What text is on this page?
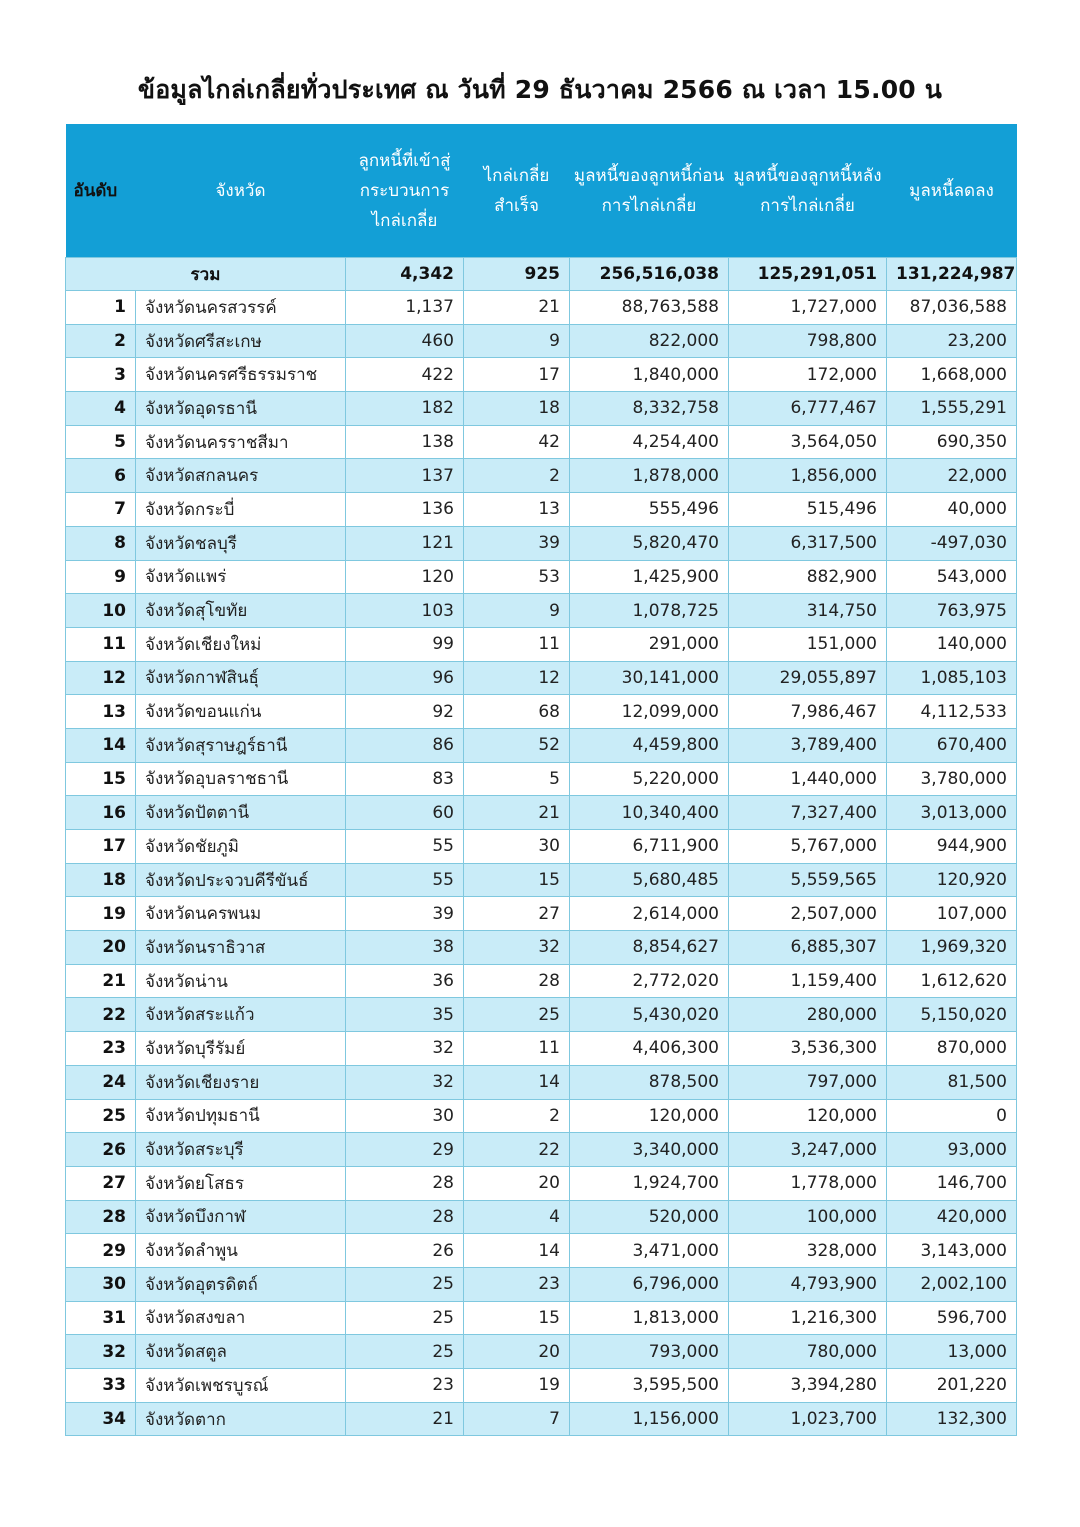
ข้อมูลไกล่เกลี่ยทั่วประเทศ ณ วันที่ 29 ธันวาคม 2566 ณ เวลา 15.00 น
อันดับ	จังหวัด	ลูกหนี้ที่เข้าสู่กระบวนการไกล่เกลี่ย	ไกล่เกลี่ยสำเร็จ	มูลหนี้ของลูกหนี้ก่อนการไกล่เกลี่ย	มูลหนี้ของลูกหนี้หลังการไกล่เกลี่ย	มูลหนี้ลดลง
รวม		4,342	925	256,516,038	125,291,051	131,224,987
1	จังหวัดนครสวรรค์	1,137	21	88,763,588	1,727,000	87,036,588
2	จังหวัดศรีสะเกษ	460	9	822,000	798,800	23,200
3	จังหวัดนครศรีธรรมราช	422	17	1,840,000	172,000	1,668,000
4	จังหวัดอุดรธานี	182	18	8,332,758	6,777,467	1,555,291
5	จังหวัดนครราชสีมา	138	42	4,254,400	3,564,050	690,350
6	จังหวัดสกลนคร	137	2	1,878,000	1,856,000	22,000
7	จังหวัดกระบี่	136	13	555,496	515,496	40,000
8	จังหวัดชลบุรี	121	39	5,820,470	6,317,500	-497,030
9	จังหวัดแพร่	120	53	1,425,900	882,900	543,000
10	จังหวัดสุโขทัย	103	9	1,078,725	314,750	763,975
11	จังหวัดเชียงใหม่	99	11	291,000	151,000	140,000
12	จังหวัดกาฬสินธุ์	96	12	30,141,000	29,055,897	1,085,103
13	จังหวัดขอนแก่น	92	68	12,099,000	7,986,467	4,112,533
14	จังหวัดสุราษฎร์ธานี	86	52	4,459,800	3,789,400	670,400
15	จังหวัดอุบลราชธานี	83	5	5,220,000	1,440,000	3,780,000
16	จังหวัดปัตตานี	60	21	10,340,400	7,327,400	3,013,000
17	จังหวัดชัยภูมิ	55	30	6,711,900	5,767,000	944,900
18	จังหวัดประจวบคีรีขันธ์	55	15	5,680,485	5,559,565	120,920
19	จังหวัดนครพนม	39	27	2,614,000	2,507,000	107,000
20	จังหวัดนราธิวาส	38	32	8,854,627	6,885,307	1,969,320
21	จังหวัดน่าน	36	28	2,772,020	1,159,400	1,612,620
22	จังหวัดสระแก้ว	35	25	5,430,020	280,000	5,150,020
23	จังหวัดบุรีรัมย์	32	11	4,406,300	3,536,300	870,000
24	จังหวัดเชียงราย	32	14	878,500	797,000	81,500
25	จังหวัดปทุมธานี	30	2	120,000	120,000	0
26	จังหวัดสระบุรี	29	22	3,340,000	3,247,000	93,000
27	จังหวัดยโสธร	28	20	1,924,700	1,778,000	146,700
28	จังหวัดบึงกาฬ	28	4	520,000	100,000	420,000
29	จังหวัดลำพูน	26	14	3,471,000	328,000	3,143,000
30	จังหวัดอุตรดิตถ์	25	23	6,796,000	4,793,900	2,002,100
31	จังหวัดสงขลา	25	15	1,813,000	1,216,300	596,700
32	จังหวัดสตูล	25	20	793,000	780,000	13,000
33	จังหวัดเพชรบูรณ์	23	19	3,595,500	3,394,280	201,220
34	จังหวัดตาก	21	7	1,156,000	1,023,700	132,300
